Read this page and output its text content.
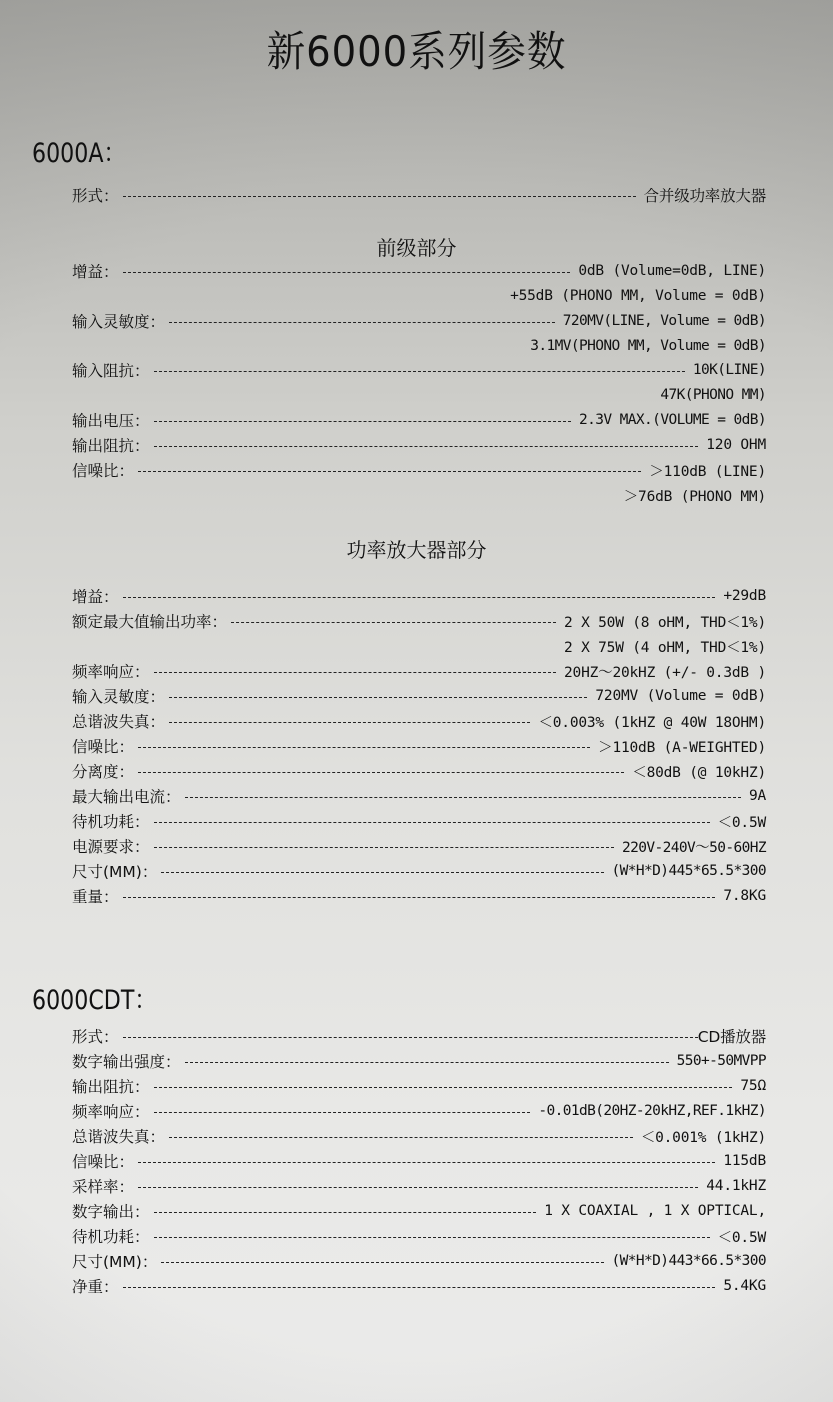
新6000系列参数
6000A：
形式：	合并级功率放大器
前级部分
增益：	0dB (Volume=0dB, LINE)
+55dB (PHONO MM, Volume = 0dB)
输入灵敏度：	720MV(LINE, Volume = 0dB)
3.1MV(PHONO MM, Volume = 0dB)
输入阻抗：	10K(LINE)
47K(PHONO MM)
输出电压：	2.3V MAX.(VOLUME = 0dB)
输出阻抗：	120 OHM
信噪比：	＞110dB (LINE)
＞76dB (PHONO MM)
功率放大器部分
增益：	+29dB
额定最大值输出功率：	2 X 50W (8 oHM, THD＜1%)
2 X 75W (4 oHM, THD＜1%)
频率响应：	20HZ～20kHZ (+/- 0.3dB )
输入灵敏度：	720MV (Volume = 0dB)
总谐波失真：	＜0.003% (1kHZ @ 40W 18OHM)
信噪比：	＞110dB (A-WEIGHTED)
分离度：	＜80dB (@ 10kHZ)
最大输出电流：	9A
待机功耗：	＜0.5W
电源要求：	220V-240V～50-60HZ
尺寸(MM)：	(W*H*D)445*65.5*300
重量：	7.8KG
6000CDT：
形式：	CD播放器
数字输出强度：	550+-50MVPP
输出阻抗：	75Ω
频率响应：	-0.01dB(20HZ-20kHZ,REF.1kHZ)
总谐波失真：	＜0.001% (1kHZ)
信噪比：	115dB
采样率：	44.1kHZ
数字输出：	1 X COAXIAL , 1 X OPTICAL,
待机功耗：	＜0.5W
尺寸(MM)：	(W*H*D)443*66.5*300
净重：	5.4KG
